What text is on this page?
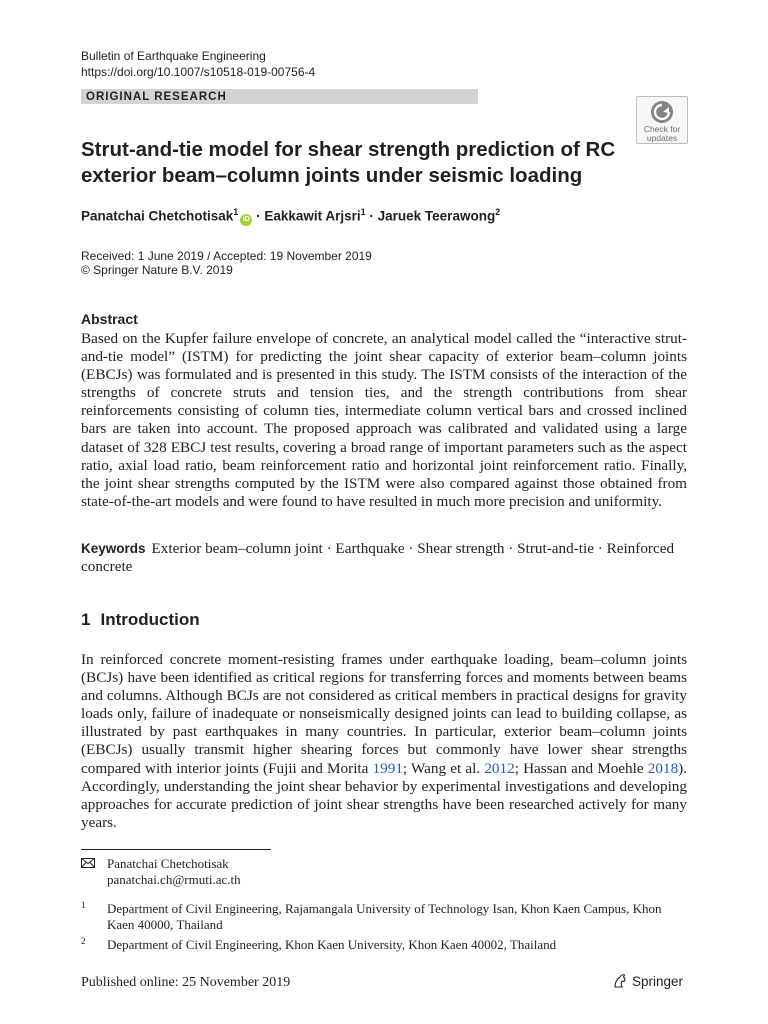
Bulletin of Earthquake Engineering
https://doi.org/10.1007/s10518-019-00756-4
ORIGINAL RESEARCH
Check for
updates
Strut-and-tie model for shear strength prediction of RC
exterior beam–column joints under seismic loading
Panatchai Chetchotisak$^1$iD · Eakkawit Arjsri$^1$ · Jaruek Teerawong$^2$
Received: 1 June 2019 / Accepted: 19 November 2019
© Springer Nature B.V. 2019
Abstract

Based on the Kupfer failure envelope of concrete, an analytical model called the “interactive strut-and-tie model” (ISTM) for predicting the joint shear capacity of exterior beam–column joints (EBCJs) was formulated and is presented in this study. The ISTM consists of the interaction of the strengths of concrete struts and tension ties, and the strength contributions from shear reinforcements consisting of column ties, intermediate column vertical bars and crossed inclined bars are taken into account. The proposed approach was calibrated and validated using a large dataset of 328 EBCJ test results, covering a broad range of important parameters such as the aspect ratio, axial load ratio, beam reinforcement ratio and horizontal joint reinforcement ratio. Finally, the joint shear strengths computed by the ISTM were also compared against those obtained from state-of-the-art models and were found to have resulted in much more precision and uniformity.

Keywords Exterior beam–column joint · Earthquake · Shear strength · Strut-and-tie · Reinforced concrete
1 Introduction

In reinforced concrete moment-resisting frames under earthquake loading, beam–column joints (BCJs) have been identified as critical regions for transferring forces and moments between beams and columns. Although BCJs are not considered as critical members in practical designs for gravity loads only, failure of inadequate or nonseismically designed joints can lead to building collapse, as illustrated by past earthquakes in many countries. In particular, exterior beam–column joints (EBCJs) usually transmit higher shearing forces but commonly have lower shear strengths compared with interior joints (Fujii and Morita 1991; Wang et al. 2012; Hassan and Moehle 2018). Accordingly, understanding the joint shear behavior by experimental investigations and developing approaches for accurate prediction of joint shear strengths have been researched actively for many years.

Panatchai Chetchotisak
panatchai.ch@rmuti.ac.th
1 Department of Civil Engineering, Rajamangala University of Technology Isan, Khon Kaen Campus, Khon Kaen 40000, Thailand
2 Department of Civil Engineering, Khon Kaen University, Khon Kaen 40002, Thailand
Published online: 25 November 2019	Springer
